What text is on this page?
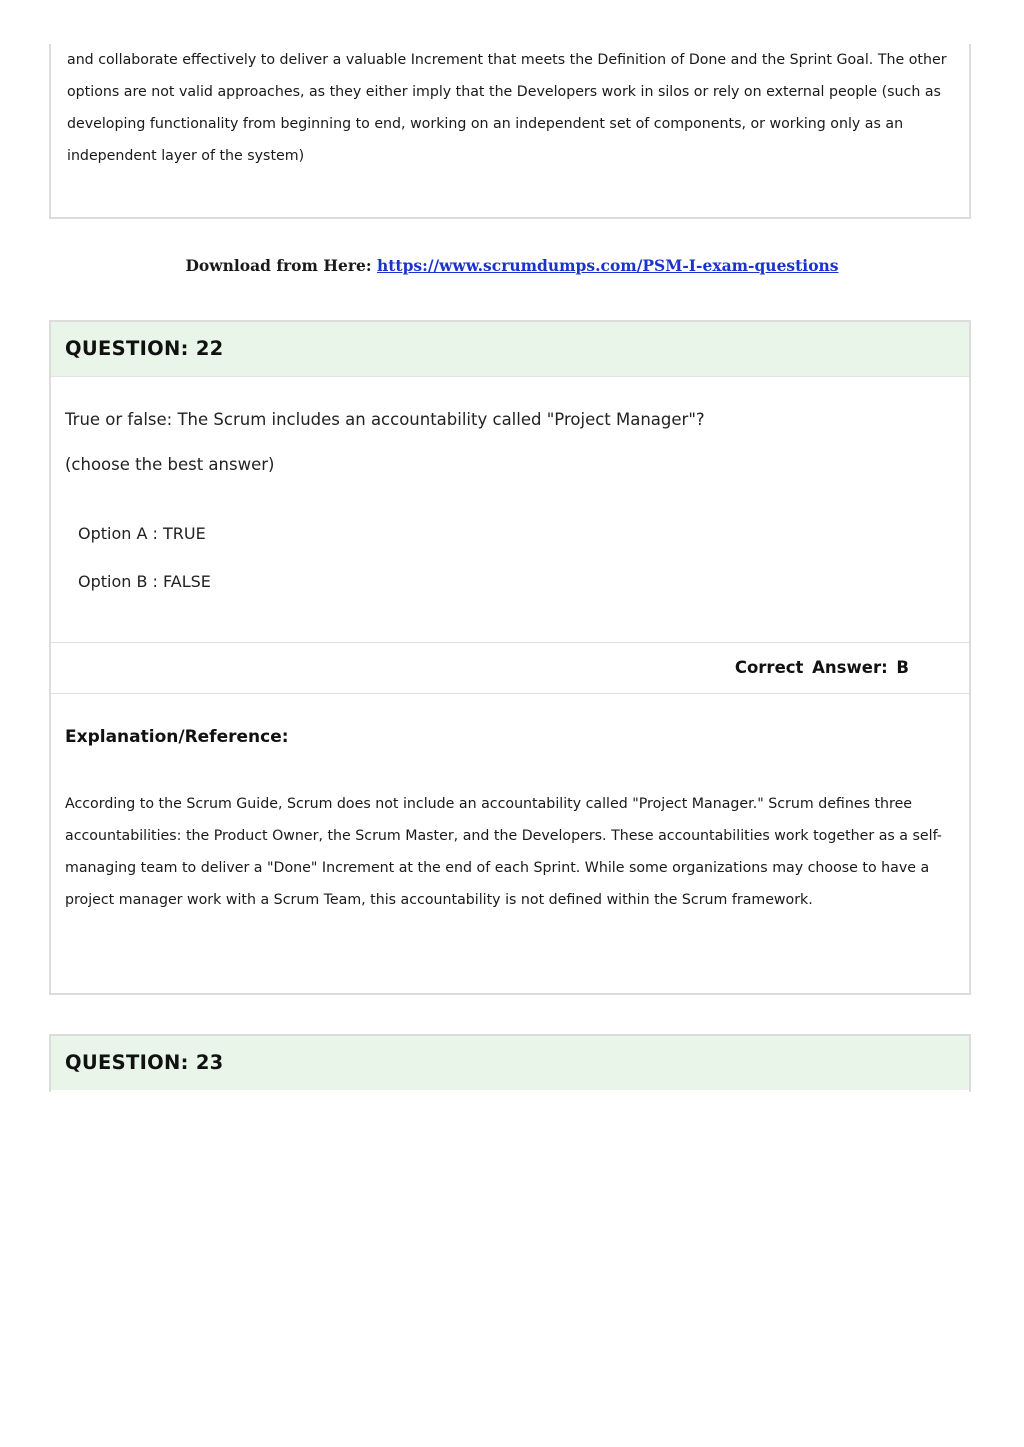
and collaborate effectively to deliver a valuable Increment that meets the Definition of Done and the Sprint Goal. The other options are not valid approaches, as they either imply that the Developers work in silos or rely on external people (such as developing functionality from beginning to end, working on an independent set of components, or working only as an independent layer of the system)

Download from Here: https://www.scrumdumps.com/PSM-I-exam-questions
QUESTION: 22
True or false: The Scrum includes an accountability called "Project Manager"?
(choose the best answer)
Option A : TRUE
Option B : FALSE
Correct Answer: B
Explanation/Reference:

According to the Scrum Guide, Scrum does not include an accountability called "Project Manager." Scrum defines three accountabilities: the Product Owner, the Scrum Master, and the Developers. These accountabilities work together as a self-managing team to deliver a "Done" Increment at the end of each Sprint. While some organizations may choose to have a project manager work with a Scrum Team, this accountability is not defined within the Scrum framework.

QUESTION: 23
